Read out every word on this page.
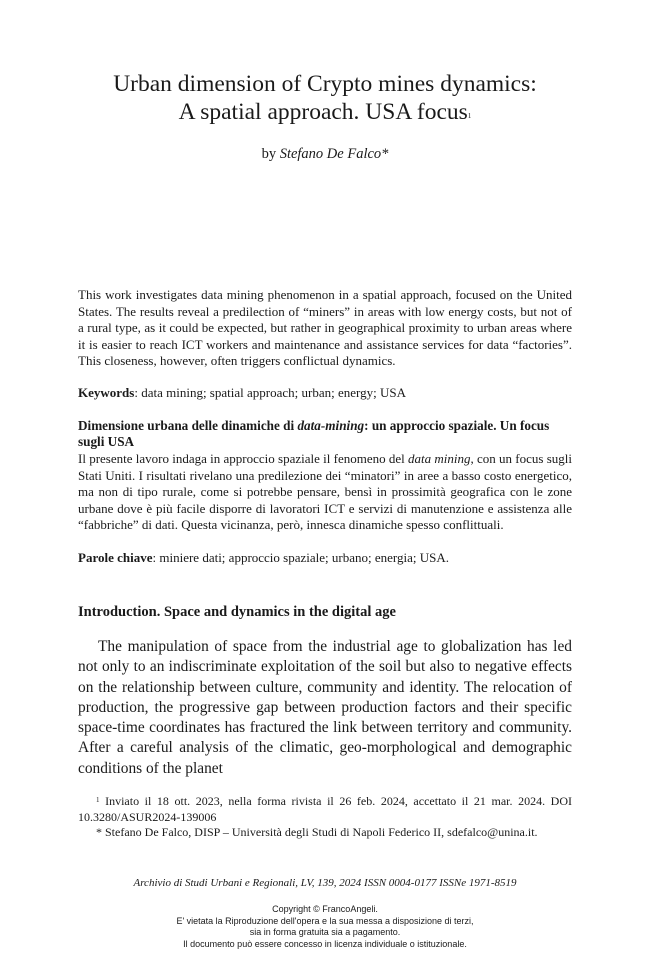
Urban dimension of Crypto mines dynamics:
A spatial approach. USA focus$^1$
by Stefano De Falco*
This work investigates data mining phenomenon in a spatial approach, focused on the United States. The results reveal a predilection of “miners” in areas with low energy costs, but not of a rural type, as it could be expected, but rather in geographical proximity to urban areas where it is easier to reach ICT workers and maintenance and assistance services for data “factories”. This closeness, however, often triggers conflictual dynamics.
Keywords: data mining; spatial approach; urban; energy; USA
Dimensione urbana delle dinamiche di data-mining: un approccio spaziale. Un focus sugli USA
Il presente lavoro indaga in approccio spaziale il fenomeno del data mining, con un focus sugli Stati Uniti. I risultati rivelano una predilezione dei “minatori” in aree a basso costo energetico, ma non di tipo rurale, come si potrebbe pensare, bensì in prossimità geografica con le zone urbane dove è più facile disporre di lavoratori ICT e servizi di manutenzione e assistenza alle “fabbriche” di dati. Questa vicinanza, però, innesca dinamiche spesso conflittuali.
Parole chiave: miniere dati; approccio spaziale; urbano; energia; USA.
Introduction. Space and dynamics in the digital age

The manipulation of space from the industrial age to globalization has led not only to an indiscriminate exploitation of the soil but also to negative effects on the relationship between culture, community and identity. The relocation of production, the progressive gap between production factors and their specific space-time coordinates has fractured the link between territory and community. After a careful analysis of the climatic, geo-morphological and demographic conditions of the planet

$^1$ Inviato il 18 ott. 2023, nella forma rivista il 26 feb. 2024, accettato il 21 mar. 2024. DOI 10.3280/ASUR2024-139006

* Stefano De Falco, DISP – Università degli Studi di Napoli Federico II, sdefalco@unina.it.

Archivio di Studi Urbani e Regionali, LV, 139, 2024 ISSN 0004-0177 ISSNe 1971-8519
Copyright © FrancoAngeli.
E' vietata la Riproduzione dell'opera e la sua messa a disposizione di terzi,
sia in forma gratuita sia a pagamento.
Il documento può essere concesso in licenza individuale o istituzionale.
